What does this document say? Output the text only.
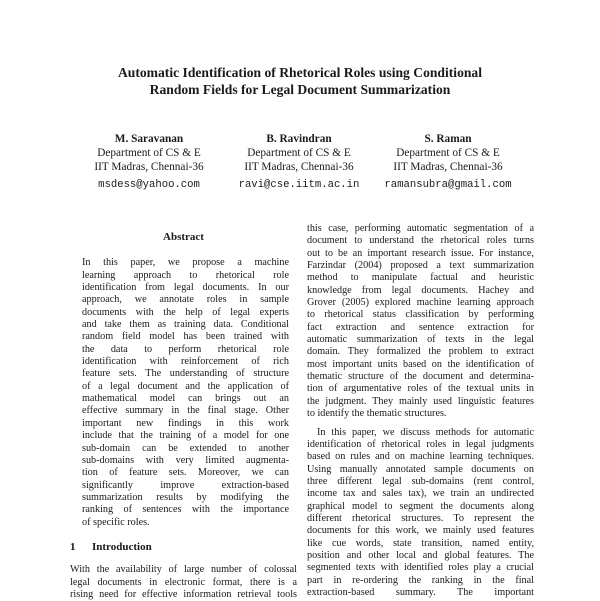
Automatic Identification of Rhetorical Roles using Conditional
Random Fields for Legal Document Summarization
M. Saravanan
Department of CS & E
IIT Madras, Chennai-36
msdess@yahoo.com
B. Ravindran
Department of CS & E
IIT Madras, Chennai-36
ravi@cse.iitm.ac.in
S. Raman
Department of CS & E
IIT Madras, Chennai-36
ramansubra@gmail.com
Abstract
In this paper, we propose a machine
learning approach to rhetorical role
identification from legal documents. In our
approach, we annotate roles in sample
documents with the help of legal experts
and take them as training data. Conditional
random field model has been trained with
the data to perform rhetorical role
identification with reinforcement of rich
feature sets. The understanding of structure
of a legal document and the application of
mathematical model can brings out an
effective summary in the final stage. Other
important new findings in this work
include that the training of a model for one
sub-domain can be extended to another
sub-domains with very limited augmenta-
tion of feature sets. Moreover, we can
significantly improve extraction-based
summarization results by modifying the
ranking of sentences with the importance
of specific roles.
1 Introduction
With the availability of large number of colossal
legal documents in electronic format, there is a
rising need for effective information retrieval tools
this case, performing automatic segmentation of a
document to understand the rhetorical roles turns
out to be an important research issue. For instance,
Farzindar (2004) proposed a text summarization
method to manipulate factual and heuristic
knowledge from legal documents. Hachey and
Grover (2005) explored machine learning approach
to rhetorical status classification by performing
fact extraction and sentence extraction for
automatic summarization of texts in the legal
domain. They formalized the problem to extract
most important units based on the identification of
thematic structure of the document and determina-
tion of argumentative roles of the textual units in
the judgment. They mainly used linguistic features
to identify the thematic structures.
In this paper, we discuss methods for automatic
identification of rhetorical roles in legal judgments
based on rules and on machine learning techniques.
Using manually annotated sample documents on
three different legal sub-domains (rent control,
income tax and sales tax), we train an undirected
graphical model to segment the documents along
different rhetorical structures. To represent the
documents for this work, we mainly used features
like cue words, state transition, named entity,
position and other local and global features. The
segmented texts with identified roles play a crucial
part in re-ordering the ranking in the final
extraction-based summary. The important
